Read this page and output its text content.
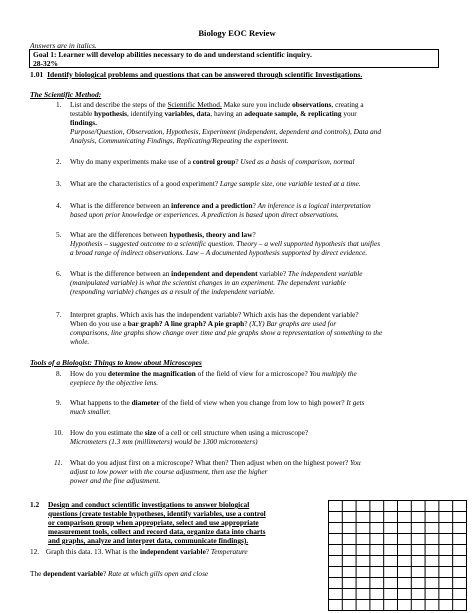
Biology EOC Review
Answers are in italics.
Goal 1: Learner will develop abilities necessary to do and understand scientific inquiry.
28-32%
1.01 Identify biological problems and questions that can be answered through scientific Investigations.
The Scientific Method:
1. List and describe the steps of the Scientific Method. Make sure you include observations, creating a
testable hypothesis, identifying variables, data, having an adequate sample, & replicating your
findings.
Purpose/Question, Observation, Hypothesis, Experiment (independent, dependent and controls), Data and
Analysis, Communicating Findings, Replicating/Repeating the experiment.
2. Why do many experiments make use of a control group? Used as a basis of comparison, normal
3. What are the characteristics of a good experiment? Large sample size, one variable tested at a time.
4. What is the difference between an inference and a prediction? An inference is a logical interpretation
based upon prior knowledge or experiences. A prediction is based upon direct observations.
5. What are the differences between hypothesis, theory and law?
Hypothesis – suggested outcome to a scientific question. Theory – a well supported hypothesis that unifies
a broad range of indirect observations. Law – A documented hypothesis supported by direct evidence.
6. What is the difference between an independent and dependent variable? The independent variable
(manipulated variable) is what the scientist changes in an experiment. The dependent variable
(responding variable) changes as a result of the independent variable.
7. Interpret graphs. Which axis has the independent variable? Which axis has the dependent variable?
When do you use a bar graph? A line graph? A pie graph? (X,Y) Bar graphs are used for
comparisons, line graphs show change over time and pie graphs show a representation of something to the
whole.
Tools of a Biologist: Things to know about Microscopes
8. How do you determine the magnification of the field of view for a microscope? You multiply the
eyepiece by the objective lens.
9. What happens to the diameter of the field of view when you change from low to high power? It gets
much smaller.
10. How do you estimate the size of a cell or cell structure when using a microscope?
Micrometers (1.3 mm (millimeters) would be 1300 micrometers)
11. What do you adjust first on a microscope? What then? Then adjust when on the highest power? You
adjust to low power with the course adjustment, then use the higher
power and the fine adjustment.
1.2 Design and conduct scientific investigations to answer biological
questions (create testable hypotheses, identify variables, use a control
or comparison group when appropriate, select and use appropriate
measurement tools, collect and record data, organize data into charts
and graphs, analyze and interpret data, communicate findings).
12. Graph this data. 13. What is the independent variable? Temperature
The dependent variable? Rate at which gills open and close
